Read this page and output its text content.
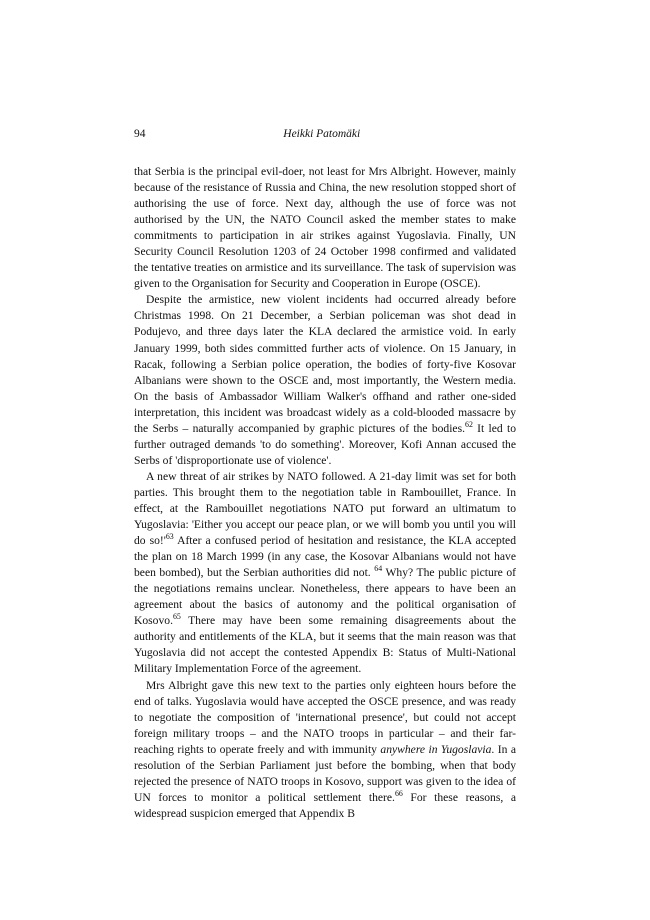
94	Heikki Patomäki

that Serbia is the principal evil-doer, not least for Mrs Albright. However, mainly because of the resistance of Russia and China, the new resolution stopped short of authorising the use of force. Next day, although the use of force was not authorised by the UN, the NATO Council asked the member states to make commitments to participation in air strikes against Yugoslavia. Finally, UN Security Council Resolution 1203 of 24 October 1998 confirmed and validated the tentative treaties on armistice and its surveillance. The task of supervision was given to the Organisation for Security and Cooperation in Europe (OSCE).

Despite the armistice, new violent incidents had occurred already before Christmas 1998. On 21 December, a Serbian policeman was shot dead in Podujevo, and three days later the KLA declared the armistice void. In early January 1999, both sides committed further acts of violence. On 15 January, in Racak, following a Serbian police operation, the bodies of forty-five Kosovar Albanians were shown to the OSCE and, most importantly, the Western media. On the basis of Ambassador William Walker's offhand and rather one-sided interpretation, this incident was broadcast widely as a cold-blooded massacre by the Serbs – naturally accompanied by graphic pictures of the bodies.$^{62}$ It led to further outraged demands 'to do something'. Moreover, Kofi Annan accused the Serbs of 'disproportionate use of violence'.

A new threat of air strikes by NATO followed. A 21-day limit was set for both parties. This brought them to the negotiation table in Rambouillet, France. In effect, at the Rambouillet negotiations NATO put forward an ultimatum to Yugoslavia: 'Either you accept our peace plan, or we will bomb you until you will do $so!'^{63}$ After a confused period of hesitation and resistance, the KLA accepted the plan on 18 March 1999 (in any case, the Kosovar Albanians would not have been bombed), but the Serbian authorities did not. $^{64}$ Why? The public picture of the negotiations remains unclear. Nonetheless, there appears to have been an agreement about the basics of autonomy and the political organisation of Kosovo.$^{65}$ There may have been some remaining disagreements about the authority and entitlements of the KLA, but it seems that the main reason was that Yugoslavia did not accept the contested Appendix B: Status of Multi-National Military Implementation Force of the agreement.

Mrs Albright gave this new text to the parties only eighteen hours before the end of talks. Yugoslavia would have accepted the OSCE presence, and was ready to negotiate the composition of 'international presence', but could not accept foreign military troops – and the NATO troops in particular – and their far-reaching rights to operate freely and with immunity anywhere in Yugoslavia. In a resolution of the Serbian Parliament just before the bombing, when that body rejected the presence of NATO troops in Kosovo, support was given to the idea of UN forces to monitor a political settlement there.$^{66}$ For these reasons, a widespread suspicion emerged that Appendix B
